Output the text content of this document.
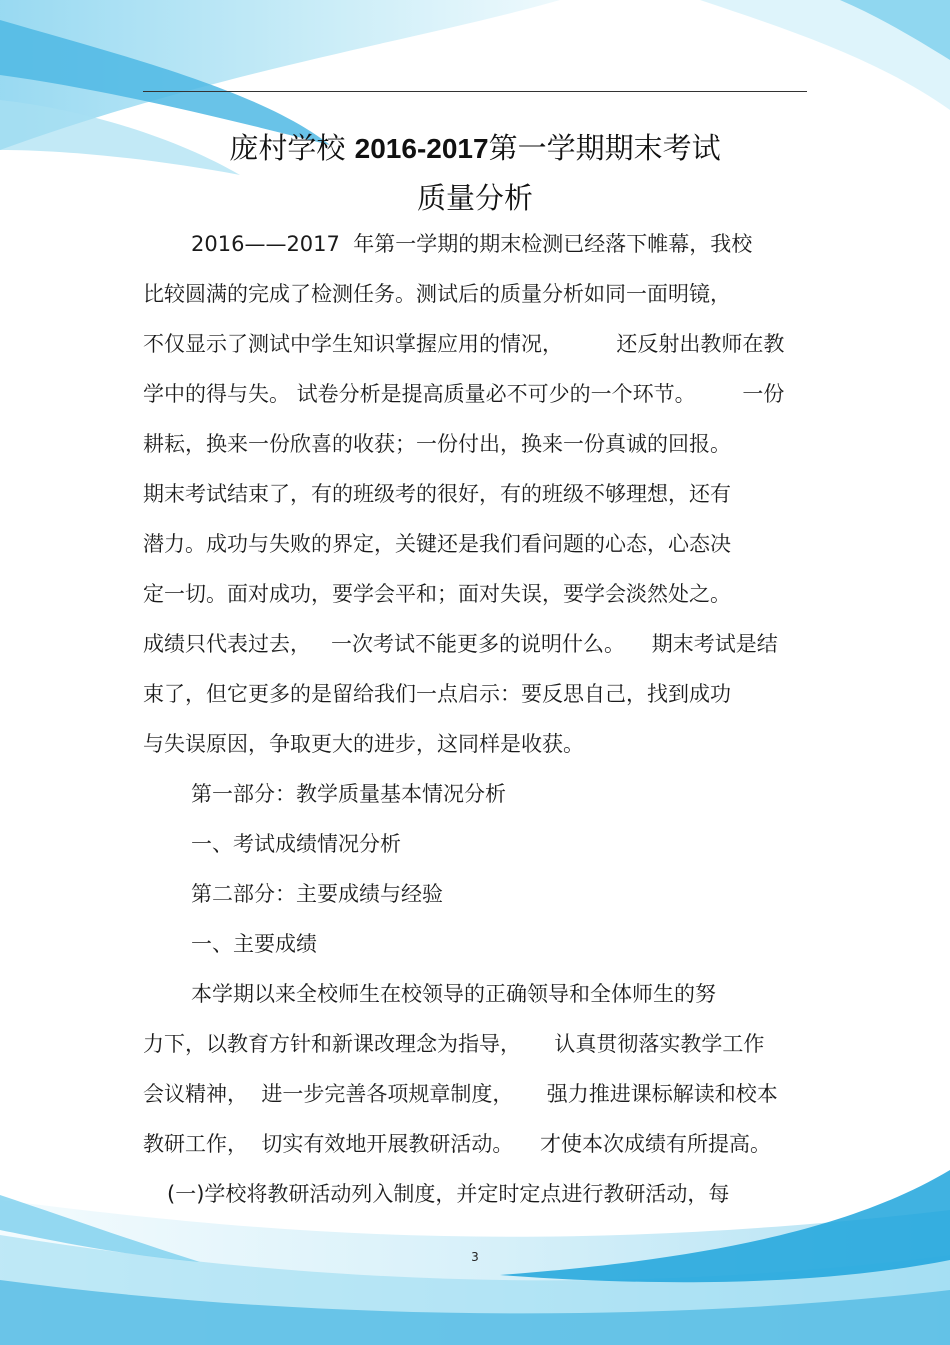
庞村学校 2016-2017第一学期期末考试
质量分析
2016——2017  年第一学期的期末检测已经落下帷幕，我校
比较圆满的完成了检测任务。测试后的质量分析如同一面明镜，
不仅显示了测试中学生知识掌握应用的情况，        还反射出教师在教
学中的得与失。 试卷分析是提高质量必不可少的一个环节。       一份
耕耘，换来一份欣喜的收获；一份付出，换来一份真诚的回报。
期末考试结束了，有的班级考的很好，有的班级不够理想，还有
潜力。成功与失败的界定，关键还是我们看问题的心态，心态决
定一切。面对成功，要学会平和；面对失误，要学会淡然处之。
成绩只代表过去，   一次考试不能更多的说明什么。    期末考试是结
束了，但它更多的是留给我们一点启示：要反思自己，找到成功
与失误原因，争取更大的进步，这同样是收获。
第一部分：教学质量基本情况分析
一、考试成绩情况分析
第二部分：主要成绩与经验
一、主要成绩
本学期以来全校师生在校领导的正确领导和全体师生的努
力下，以教育方针和新课改理念为指导，     认真贯彻落实教学工作
会议精神，  进一步完善各项规章制度，     强力推进课标解读和校本
教研工作，  切实有效地开展教研活动。    才使本次成绩有所提高。
(一)学校将教研活动列入制度，并定时定点进行教研活动，每
3
